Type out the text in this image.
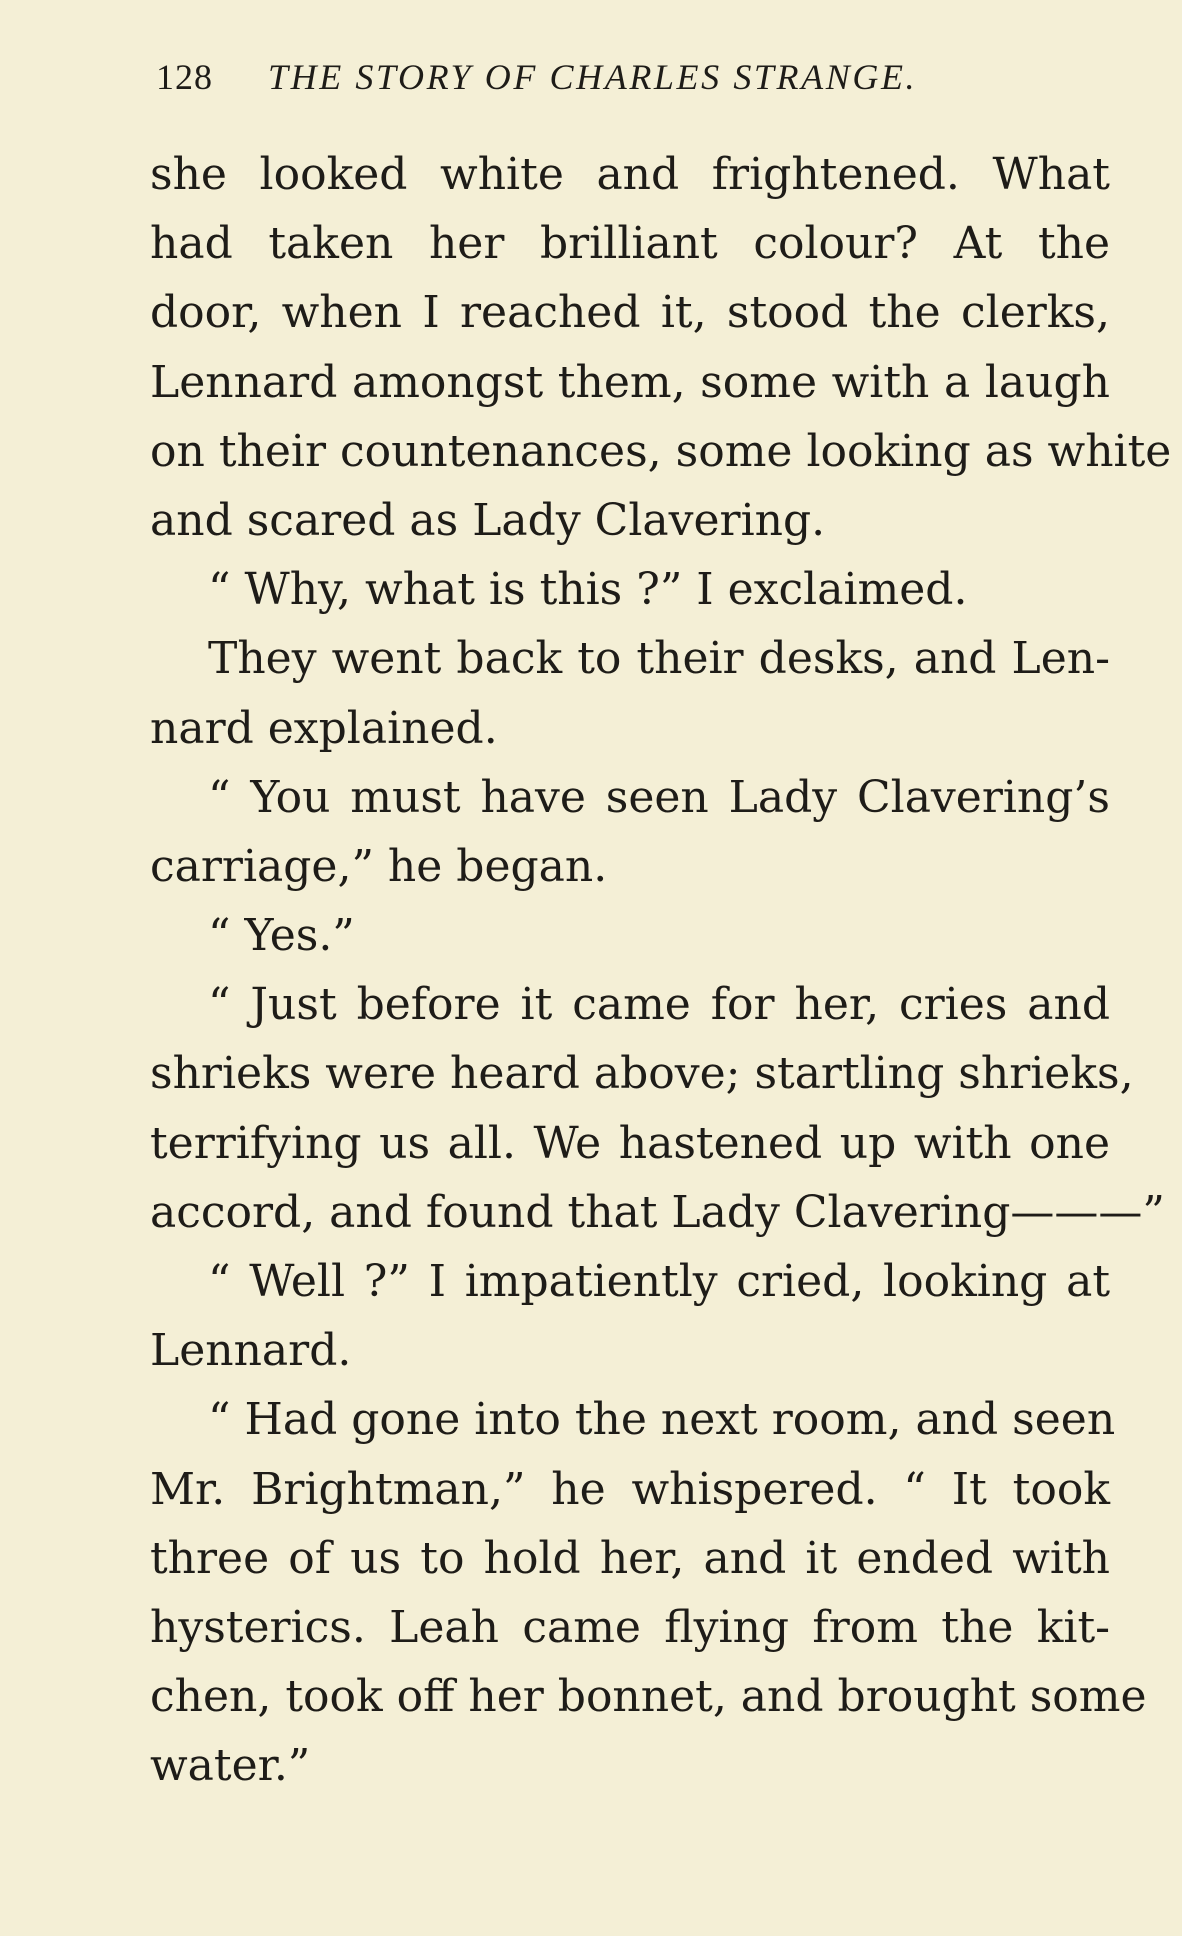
128 THE STORY OF CHARLES STRANGE.
she looked white and frightened. What
had taken her brilliant colour? At the
door, when I reached it, stood the clerks,
Lennard amongst them, some with a laugh
on their countenances, some looking as white
and scared as Lady Clavering.
“ Why, what is this ?” I exclaimed.
They went back to their desks, and Len-
nard explained.
“ You must have seen Lady Clavering’s
carriage,” he began.
“ Yes.”
“ Just before it came for her, cries and
shrieks were heard above; startling shrieks,
terrifying us all. We hastened up with one
accord, and found that Lady Clavering———”
“ Well ?” I impatiently cried, looking at
Lennard.
“ Had gone into the next room, and seen
Mr. Brightman,” he whispered. “ It took
three of us to hold her, and it ended with
hysterics. Leah came flying from the kit-
chen, took off her bonnet, and brought some
water.”
